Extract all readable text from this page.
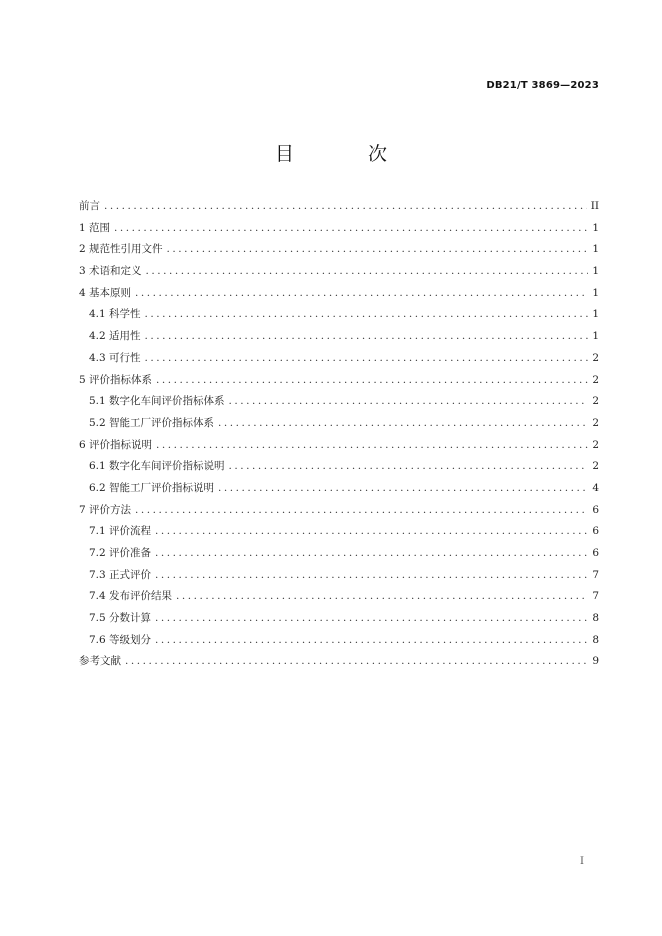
DB21/T 3869—2023
目 次
前言 . . .	II
1 范围 . . .	1
2 规范性引用文件 . . .	1
3 术语和定义 . . .	1
4 基本原则 . . .	1
4.1 科学性 . . .	1
4.2 适用性 . . .	1
4.3 可行性 . . .	2
5 评价指标体系 . . .	2
5.1 数字化车间评价指标体系 . . .	2
5.2 智能工厂评价指标体系 . . .	2
6 评价指标说明 . . .	2
6.1 数字化车间评价指标说明 . . .	2
6.2 智能工厂评价指标说明 . . .	4
7 评价方法 . . .	6
7.1 评价流程 . . .	6
7.2 评价准备 . . .	6
7.3 正式评价 . . .	7
7.4 发布评价结果 . . .	7
7.5 分数计算 . . .	8
7.6 等级划分 . . .	8
参考文献 . . .	9
I
